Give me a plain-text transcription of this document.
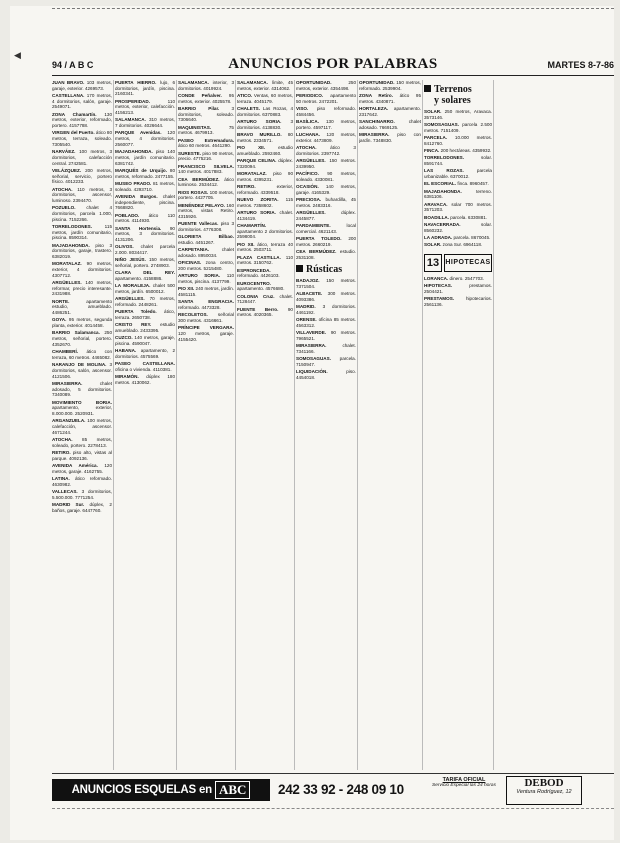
◀
94 / A B C	ANUNCIOS POR PALABRAS	MARTES 8-7-86

JUAN BRAVO. 103 metros, garaje, exterior. 4269573.

CASTELLANA. 170 metros, 4 dormitorios, salón, garaje. 2549071.

ZONA Chamartín. 130 metros, exterior, reformado, portero. 4157788.

VIRGEN del Puerto. ático 80 metros, terraza, soleado. 7305540.

NARVÁEZ. 100 metros, 3 dormitorios, calefacción central. 2742581.

VELÁZQUEZ. 200 metros, señorial, servicio, portero físico. 4012233.

ATOCHA. 110 metros, 3 dormitorios, ascensor, luminoso. 2394470.

POZUELO. chalet 4 dormitorios, parcela 1.000, piscina. 7152266.

TORRELODONES.	115 metros, jardín comunitario, piscina. 8590314.

MAJADAHONDA. piso 3 dormitorios, garaje, trastero. 6382019.

MORATALAZ. 90 metros, exterior, 4 dormitorios. 4307712.

ARGÜELLES. 140 metros, reformar, precio interesante. 2431988.

NORTE.	apartamento estudio, amueblado. 4486251.

GOYA. 95 metros, segunda planta, exterior. 4014458.

BARRIO Salamanca. 250 metros, señorial, portero. 4352670.

CHAMBERÍ. ático con terraza, 60 metros. 4465082.

NARANJO DE MOLINA. 3 dormitorios, salón, ascensor. 4121506.

MIRASIERRA.	chalet adosado, 5 dormitorios. 7340089.

MOVIMIENTO BORIA. apartamento, exterior, 8.000.000. 2520931.

ARGANZUELA. 100 metros, calefacción, ascensor. 4671244.

ATOCHA. 85 metros, soleado, portero. 2278413.

RETIRO. piso alto, vistas al parque. 4092136.

AVENIDA América. 120 metros, garaje. 4162755.

LATINA. ático reformado. 4630982.

VALLECAS. 3 dormitorios, 5.500.000. 7771254.

MADRID Sur. dúplex, 2 baños, garaje. 6447760.

PUERTA HIERRO. lujo, 6 dormitorios, jardín, piscina. 2160341.

PROSPERIDAD.	110 metros, exterior, calefacción. 4156213.

SALAMANCA. 310 metros, 7 dormitorios. 4026644.

PARQUE Avenidas. 120 metros, 4 dormitorios. 2560077.

MAJADAHONDA. piso 140 metros, jardín comunitario. 6381742.

MARQUÉS de Urquijo. 80 metros, reformado. 2477155.

MUSEO PRADO. 81 metros, soleado. 4293710.

AVENIDA Burgos. chalet independiente, piscina. 7668820.

POBLADO. ático 110 metros. 4114930.

SANTA Hortensia. 90 metros, 3 dormitorios. 4131206.

OLIVOS. chalet parcela 2.000. 8034417.

NIÑO JESÚS. 150 metros, señorial, portero. 2748903.

CLARA DEL REY. apartamento. 4158886.

LA MORALEJA. chalet 500 metros, jardín. 6500012.

ARGÜELLES. 70 metros, reformado. 2448261.

PUERTA Toledo. ático, terraza. 2650738.

CRISTO REY. estudio amueblado. 2433395.

CUZCO. 140 metros, garaje, piscina. 4590047.

HABANA. apartamento, 2 dormitorios. 4575569.

PASEO CASTELLANA. oficina o vivienda. 4110381.

MIRAMÓN. dúplex 180 metros. 4130062.

SALAMANCA. interior, 3 dormitorios. 4019924.

CONDE Peñalver. 95 metros, exterior. 4025578.

BARRIO Pilar.	3 dormitorios, soleado. 7306640.

MAQUINISTAS.	75 metros. 4679913.

PASEO Extremadura. ático 60 metros. 4641290.

SURESTE. piso 90 metros, precio. 4775216.

FRANCISCO SILVELA. 140 metros. 4017883.

CEA BERMÚDEZ. ático luminoso. 2534412.

RIOS ROSAS. 100 metros, portero. 4427705.

MENÉNDEZ PELAYO. 160 metros, vistas Retiro. 4315926.

PUENTE Vallecas. piso 3 dormitorios. 4776308.

GLORIETA Bilbao. estudio. 4451267.

CARPETANIA.	chalet adosado. 8950034.

OFICINAS. zona centro, 200 metros. 5215480.

ARTURO SORIA. 110 metros, piscina. 4137799.

PIO XII. 240 metros, jardín. 4581115.

SANTA ENGRACIA. reformado. 4473328.

RECOLETOS. señorial 300 metros. 4316661.

PRÍNCIPE VERGARA. 120 metros, garaje. 4155420.

SALAMANCA. límite, 45 metros, exterior. 4314062.

ATICO. Ventas, 60 metros, terraza. 4045179.

CHALETS. Las Rozas, 4 dormitorios. 6370883.

ARTURO SORIA. 3 dormitorios. 4138830.

BRAVO MURILLO. 80 metros. 2334571.

PIO XII.	estudio amueblado. 2592460.

PARQUE CELINA. dúplex. 7320094.

MORATALAZ. piso 90 metros. 4395231.

RETIRO.	exterior, reformado. 4339518.

NUEVO ZORITA. 115 metros. 7358602.

ARTURO SORIA. chalet. 4134419.

CHAMARTÍN. apartamento 2 dormitorios. 2598004.

PIO XII. ático, terraza 40 metros. 2503711.

PLAZA CASTILLA. 110 metros. 3150762.

ESPRONCEDA. reformado. 4426103.

EUROCENTRO. apartamento. 4576680.

COLONIA Cruz. chalet. 7128447.

FUENTE Berro. 90 metros. 4020365.

OPORTUNIDAD.	250 metros, exterior. 4354498.

PERIODICO. apartamento 50 metros. 2472201.

VISO. piso reformado. 4584456.

BASÍLICA. 130 metros, portero. 4597117.

LUCHANA. 120 metros, exterior. 4473809.

ATOCHA.	ático 3 dormitorios. 2397742.

ARGÜELLES. 150 metros. 2439950.

PACÍFICO. 90 metros, soleado. 4330081.

OCASIÓN. 140 metros, garaje. 4165329.

PRECIOSA. buhardilla, 45 metros. 2483316.

ARGÜELLES.	dúplex. 2445877.

PARDAMIENTE.	local comercial. 4621143.

PUERTA TOLEDO. 200 metros. 2660219.

CEA BERMÚDEZ. estudio. 2531108.

Rústicas

BADAJOZ. 150 metros. 7371504.

ALBACETE. 300 metros. 4093386.

MADRID. 3 dormitorios. 4461192.

ORENSE. oficina 85 metros. 4563312.

VILLAVERDE. 90 metros. 7965521.

MIRASIERRA.	chalet. 7341166.

SOMOSAGUAS. parcela. 7150947.

LIQUIDACIÓN.	piso. 4454018.

OPORTUNIDAD. 150 metros, reformado. 2539904.

ZONA Retiro. ático 95 metros. 4340871.

HORTALEZA. apartamento. 2317642.

SANCHINARRO.	chalet adosado. 7669125.

MIRASIERRA. piso con jardín. 7348830.

Terrenos
y solares

SOLAR. 250 metros, Aravaca. 3573146.

SOMOSAGUAS. parcela 2.500 metros. 7151409.

PARCELA. 10.000 metros. 8412760.

FINCA. 200 hectáreas. 4359932.

TORRELODONES.	solar. 8591744.

LAS ROZAS.	parcela urbanizable. 6370012.

EL ESCORIAL. finca. 8960457.

MAJADAHONDA.	terreno. 6381106.

ARAVACA. solar 700 metros. 3571203.

BOADILLA. parcela. 6330881.

NAVACERRADA.	solar. 8560232.

LA ADRADA. parcela. 8670045.

SOLAR. zona Sur. 6964118.

13 HIPOTECAS

LORANCA. dinero. 2547703.

HIPOTECAS.	prestamos. 2504421.

PRESTAMOS.	hipotecarios. 2561136.

ANUNCIOS ESQUELAS en ABC 242 33 92 - 248 09 10
TARIFA OFICIAL
Servicio Especial las 24 horas	DEBOD
Ventura Rodríguez, 12
